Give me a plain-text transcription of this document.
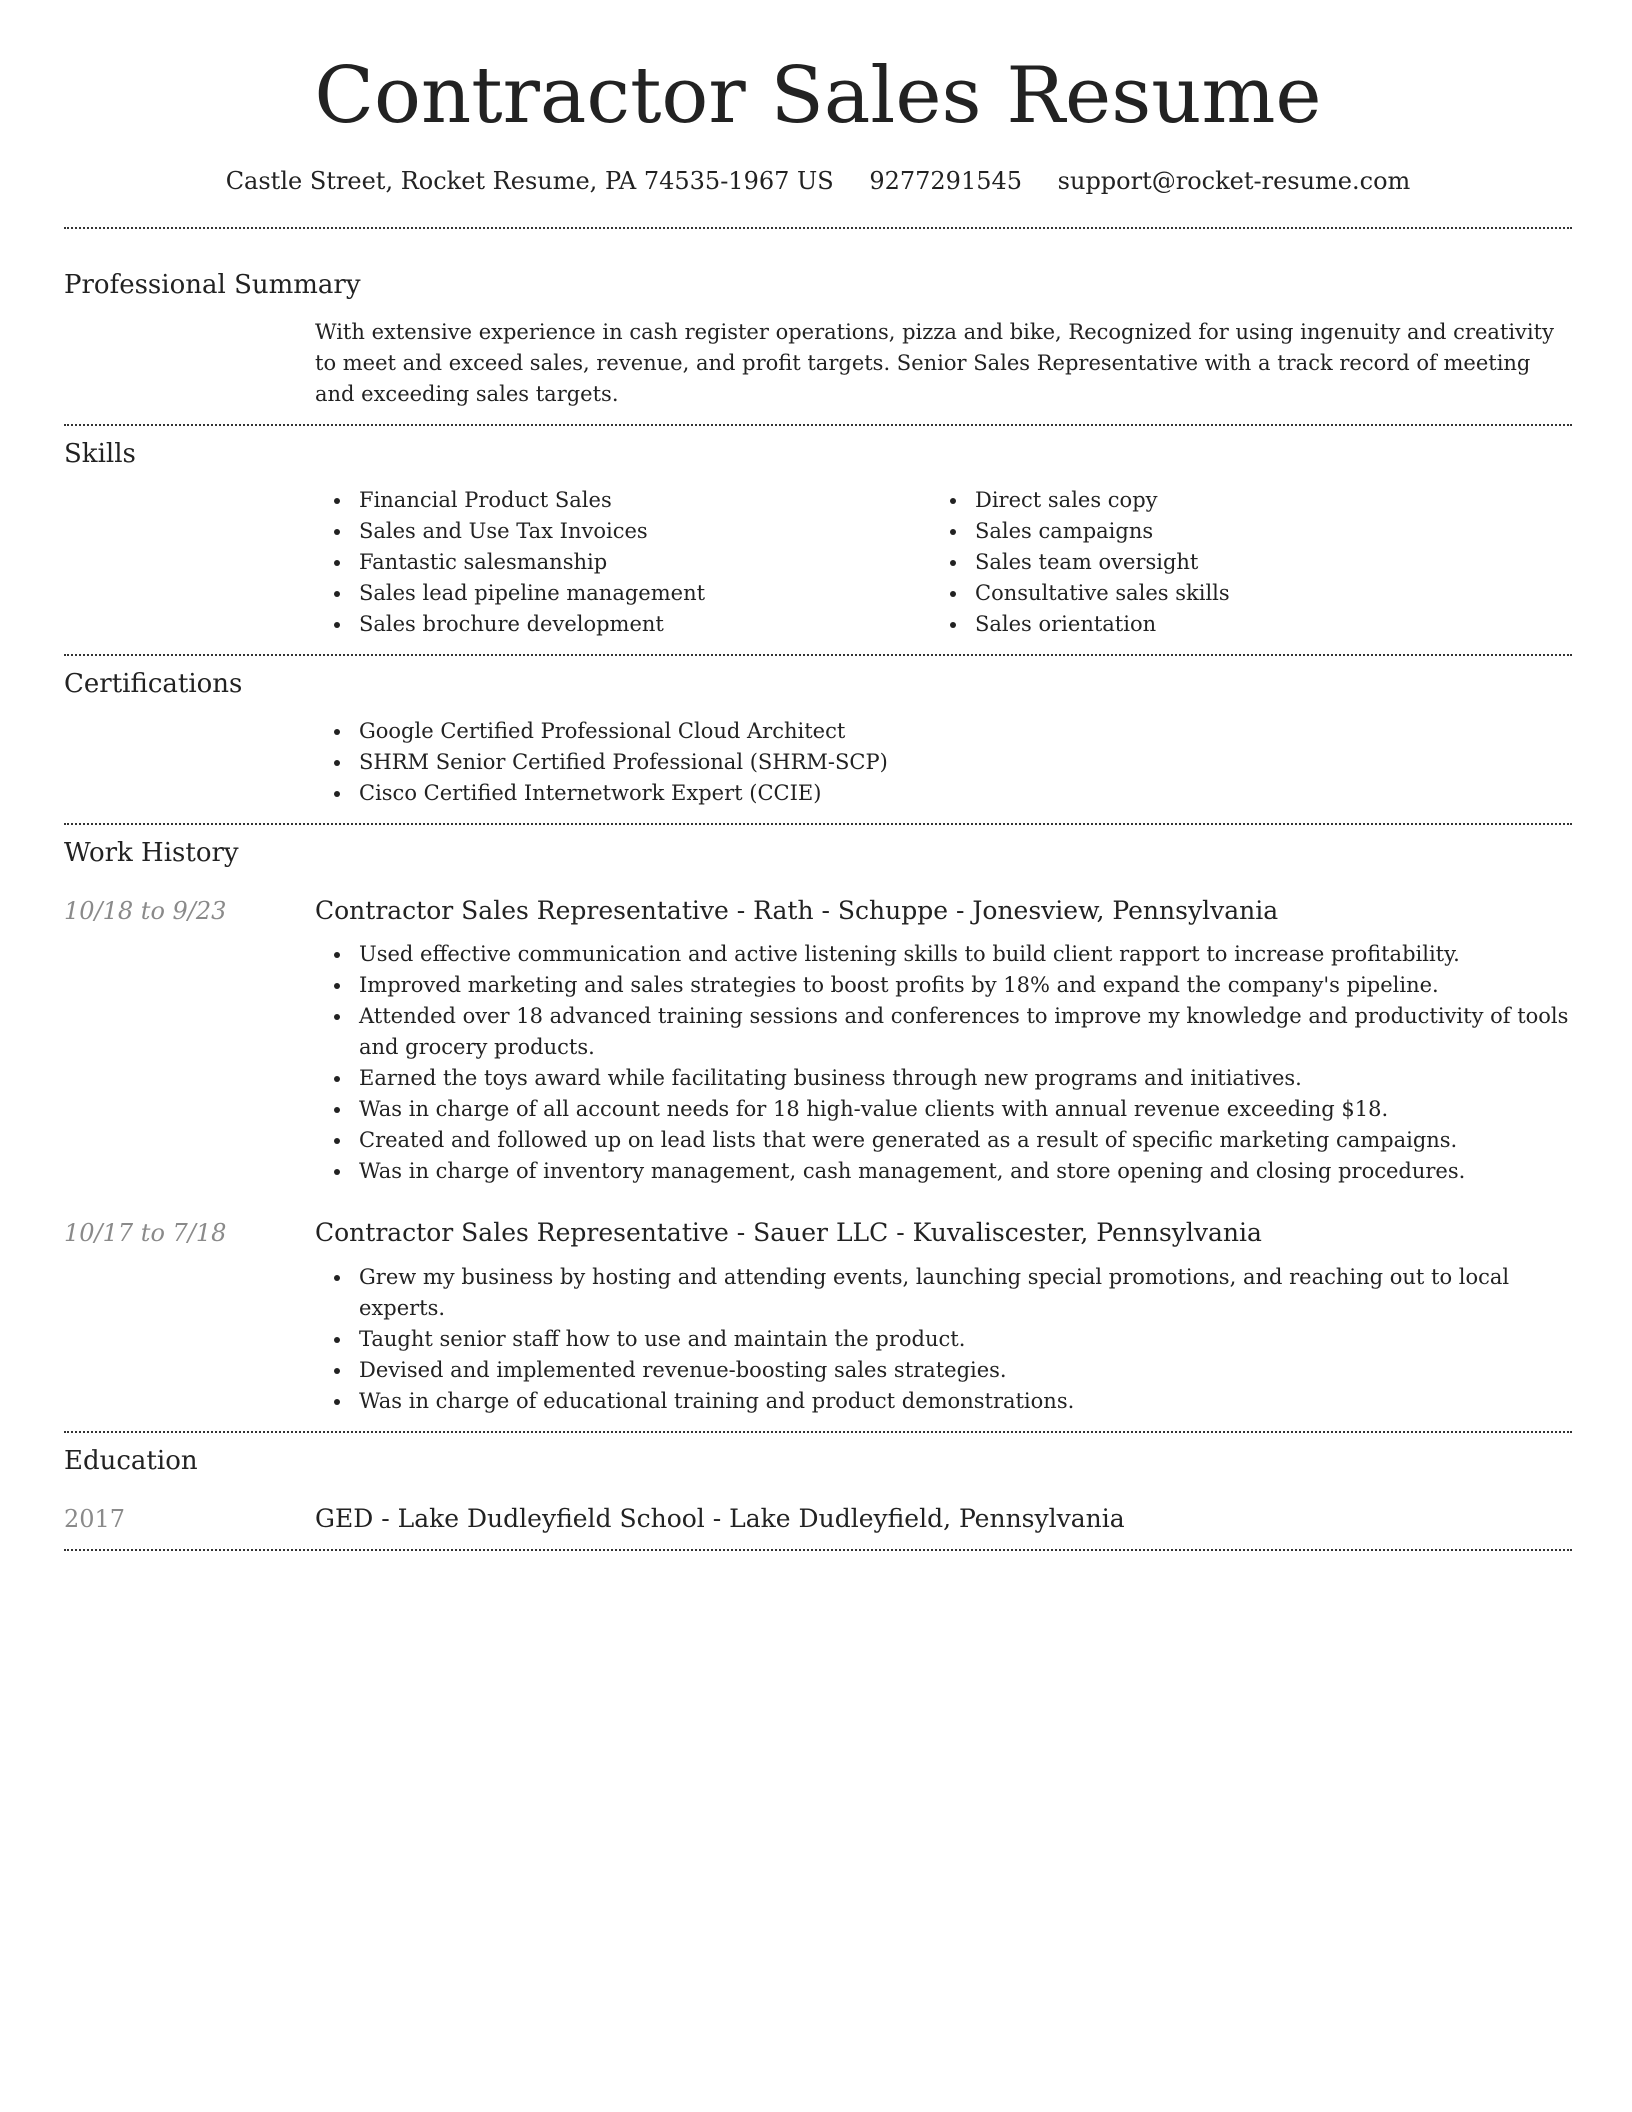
Contractor Sales Resume
Castle Street, Rocket Resume, PA 74535-1967 US 9277291545 support@rocket-resume.com
Professional Summary
With extensive experience in cash register operations, pizza and bike, Recognized for using ingenuity and creativity to meet and exceed sales, revenue, and profit targets. Senior Sales Representative with a track record of meeting and exceeding sales targets.
Skills
Financial Product Sales
Sales and Use Tax Invoices
Fantastic salesmanship
Sales lead pipeline management
Sales brochure development
Direct sales copy
Sales campaigns
Sales team oversight
Consultative sales skills
Sales orientation
Certifications
Google Certified Professional Cloud Architect
SHRM Senior Certified Professional (SHRM-SCP)
Cisco Certified Internetwork Expert (CCIE)
Work History
10/18 to 9/23	Contractor Sales Representative - Rath - Schuppe - Jonesview, Pennsylvania
Used effective communication and active listening skills to build client rapport to increase profitability.
Improved marketing and sales strategies to boost profits by 18% and expand the company's pipeline.
Attended over 18 advanced training sessions and conferences to improve my knowledge and productivity of tools and grocery products.
Earned the toys award while facilitating business through new programs and initiatives.
Was in charge of all account needs for 18 high-value clients with annual revenue exceeding $18.
Created and followed up on lead lists that were generated as a result of specific marketing campaigns.
Was in charge of inventory management, cash management, and store opening and closing procedures.
10/17 to 7/18	Contractor Sales Representative - Sauer LLC - Kuvaliscester, Pennsylvania
Grew my business by hosting and attending events, launching special promotions, and reaching out to local experts.
Taught senior staff how to use and maintain the product.
Devised and implemented revenue-boosting sales strategies.
Was in charge of educational training and product demonstrations.
Education
2017	GED - Lake Dudleyfield School - Lake Dudleyfield, Pennsylvania
